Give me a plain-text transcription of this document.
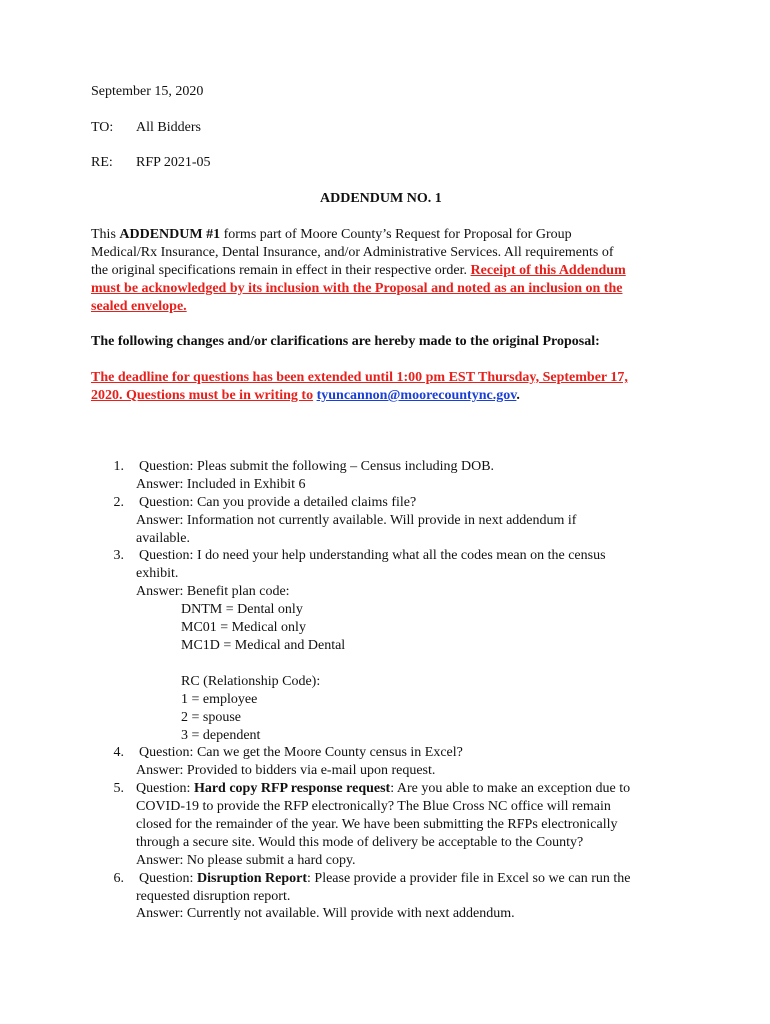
September 15, 2020
TO: All Bidders
RE: RFP 2021-05
ADDENDUM NO. 1
This ADDENDUM #1 forms part of Moore County’s Request for Proposal for Group
Medical/Rx Insurance, Dental Insurance, and/or Administrative Services. All requirements of
the original specifications remain in effect in their respective order. Receipt of this Addendum
must be acknowledged by its inclusion with the Proposal and noted as an inclusion on the
sealed envelope.
The following changes and/or clarifications are hereby made to the original Proposal:
The deadline for questions has been extended until 1:00 pm EST Thursday, September 17,
2020. Questions must be in writing to tyuncannon@moorecountync.gov.
1. Question: Pleas submit the following – Census including DOB.
Answer: Included in Exhibit 6
2. Question: Can you provide a detailed claims file?
Answer: Information not currently available. Will provide in next addendum if
available.
3. Question: I do need your help understanding what all the codes mean on the census
exhibit.
Answer: Benefit plan code:
DNTM = Dental only
MC01 = Medical only
MC1D = Medical and Dental
RC (Relationship Code):
1 = employee
2 = spouse
3 = dependent
4. Question: Can we get the Moore County census in Excel?
Answer: Provided to bidders via e-mail upon request.
5. Question: Hard copy RFP response request: Are you able to make an exception due to
COVID-19 to provide the RFP electronically? The Blue Cross NC office will remain
closed for the remainder of the year. We have been submitting the RFPs electronically
through a secure site. Would this mode of delivery be acceptable to the County?
Answer: No please submit a hard copy.
6. Question: Disruption Report: Please provide a provider file in Excel so we can run the
requested disruption report.
Answer: Currently not available. Will provide with next addendum.
